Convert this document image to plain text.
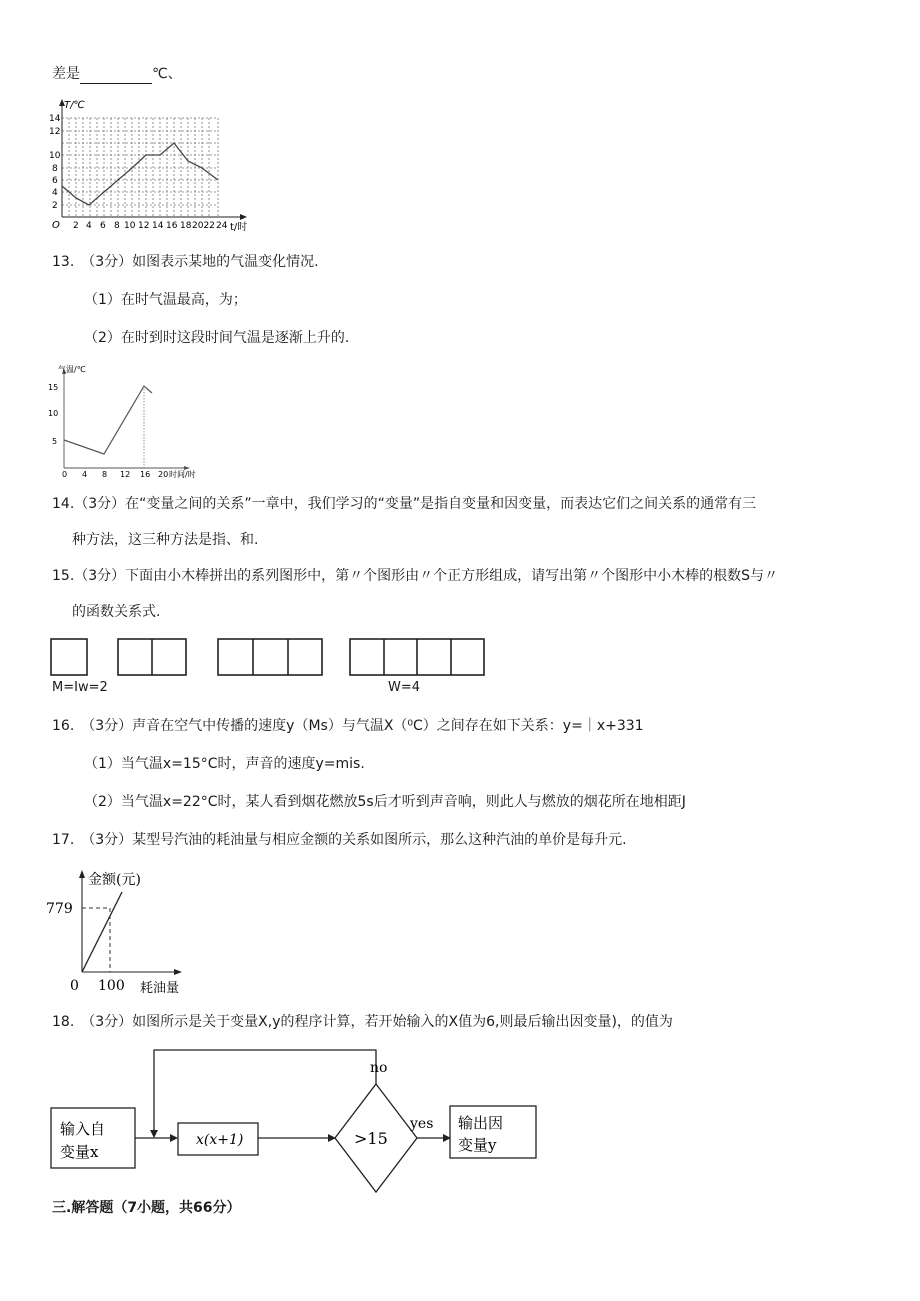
差是	℃、
T/℃
O	t/时
14
12
10
8
6
4
2
2 4 6 8 10 12 14 16 18 2022 24
13.　（3分）如图表示某地的气温变化情况.
（1）在时气温最高，为；
（2）在时到时这段时间气温是逐渐上升的.
气温/℃
15
10
5
0 4 8 12 16 20 时间/时
14.（3分）在“变量之间的关系”一章中，我们学习的“变量”是指自变量和因变量，而表达它们之间关系的通常有三
种方法，这三种方法是指、和.
15.（3分）下面由小木棒拼出的系列图形中，第〃个图形由〃个正方形组成，请写出第〃个图形中小木棒的根数S与〃
的函数关系式.
M=Iw=2	W=4
16.　（3分）声音在空气中传播的速度y（Ms）与气温X（⁰C）之间存在如下关系：y=｜x+331
（1）当气温x=15°C时，声音的速度y=mis.
（2）当气温x=22°C时，某人看到烟花燃放5s后才听到声音响，则此人与燃放的烟花所在地相距J
17.　（3分）某型号汽油的耗油量与相应金额的关系如图所示，那么这种汽油的单价是每升元.
金额(元)
779
0 100 耗油量
18.　（3分）如图所示是关于变量X,y的程序计算，若开始输入的X值为6,则最后输出因变量)，的值为
输入自
变量x
x(x+1)	>15
no
yes 输出因
变量y
三.解答题（7小题，共66分）
